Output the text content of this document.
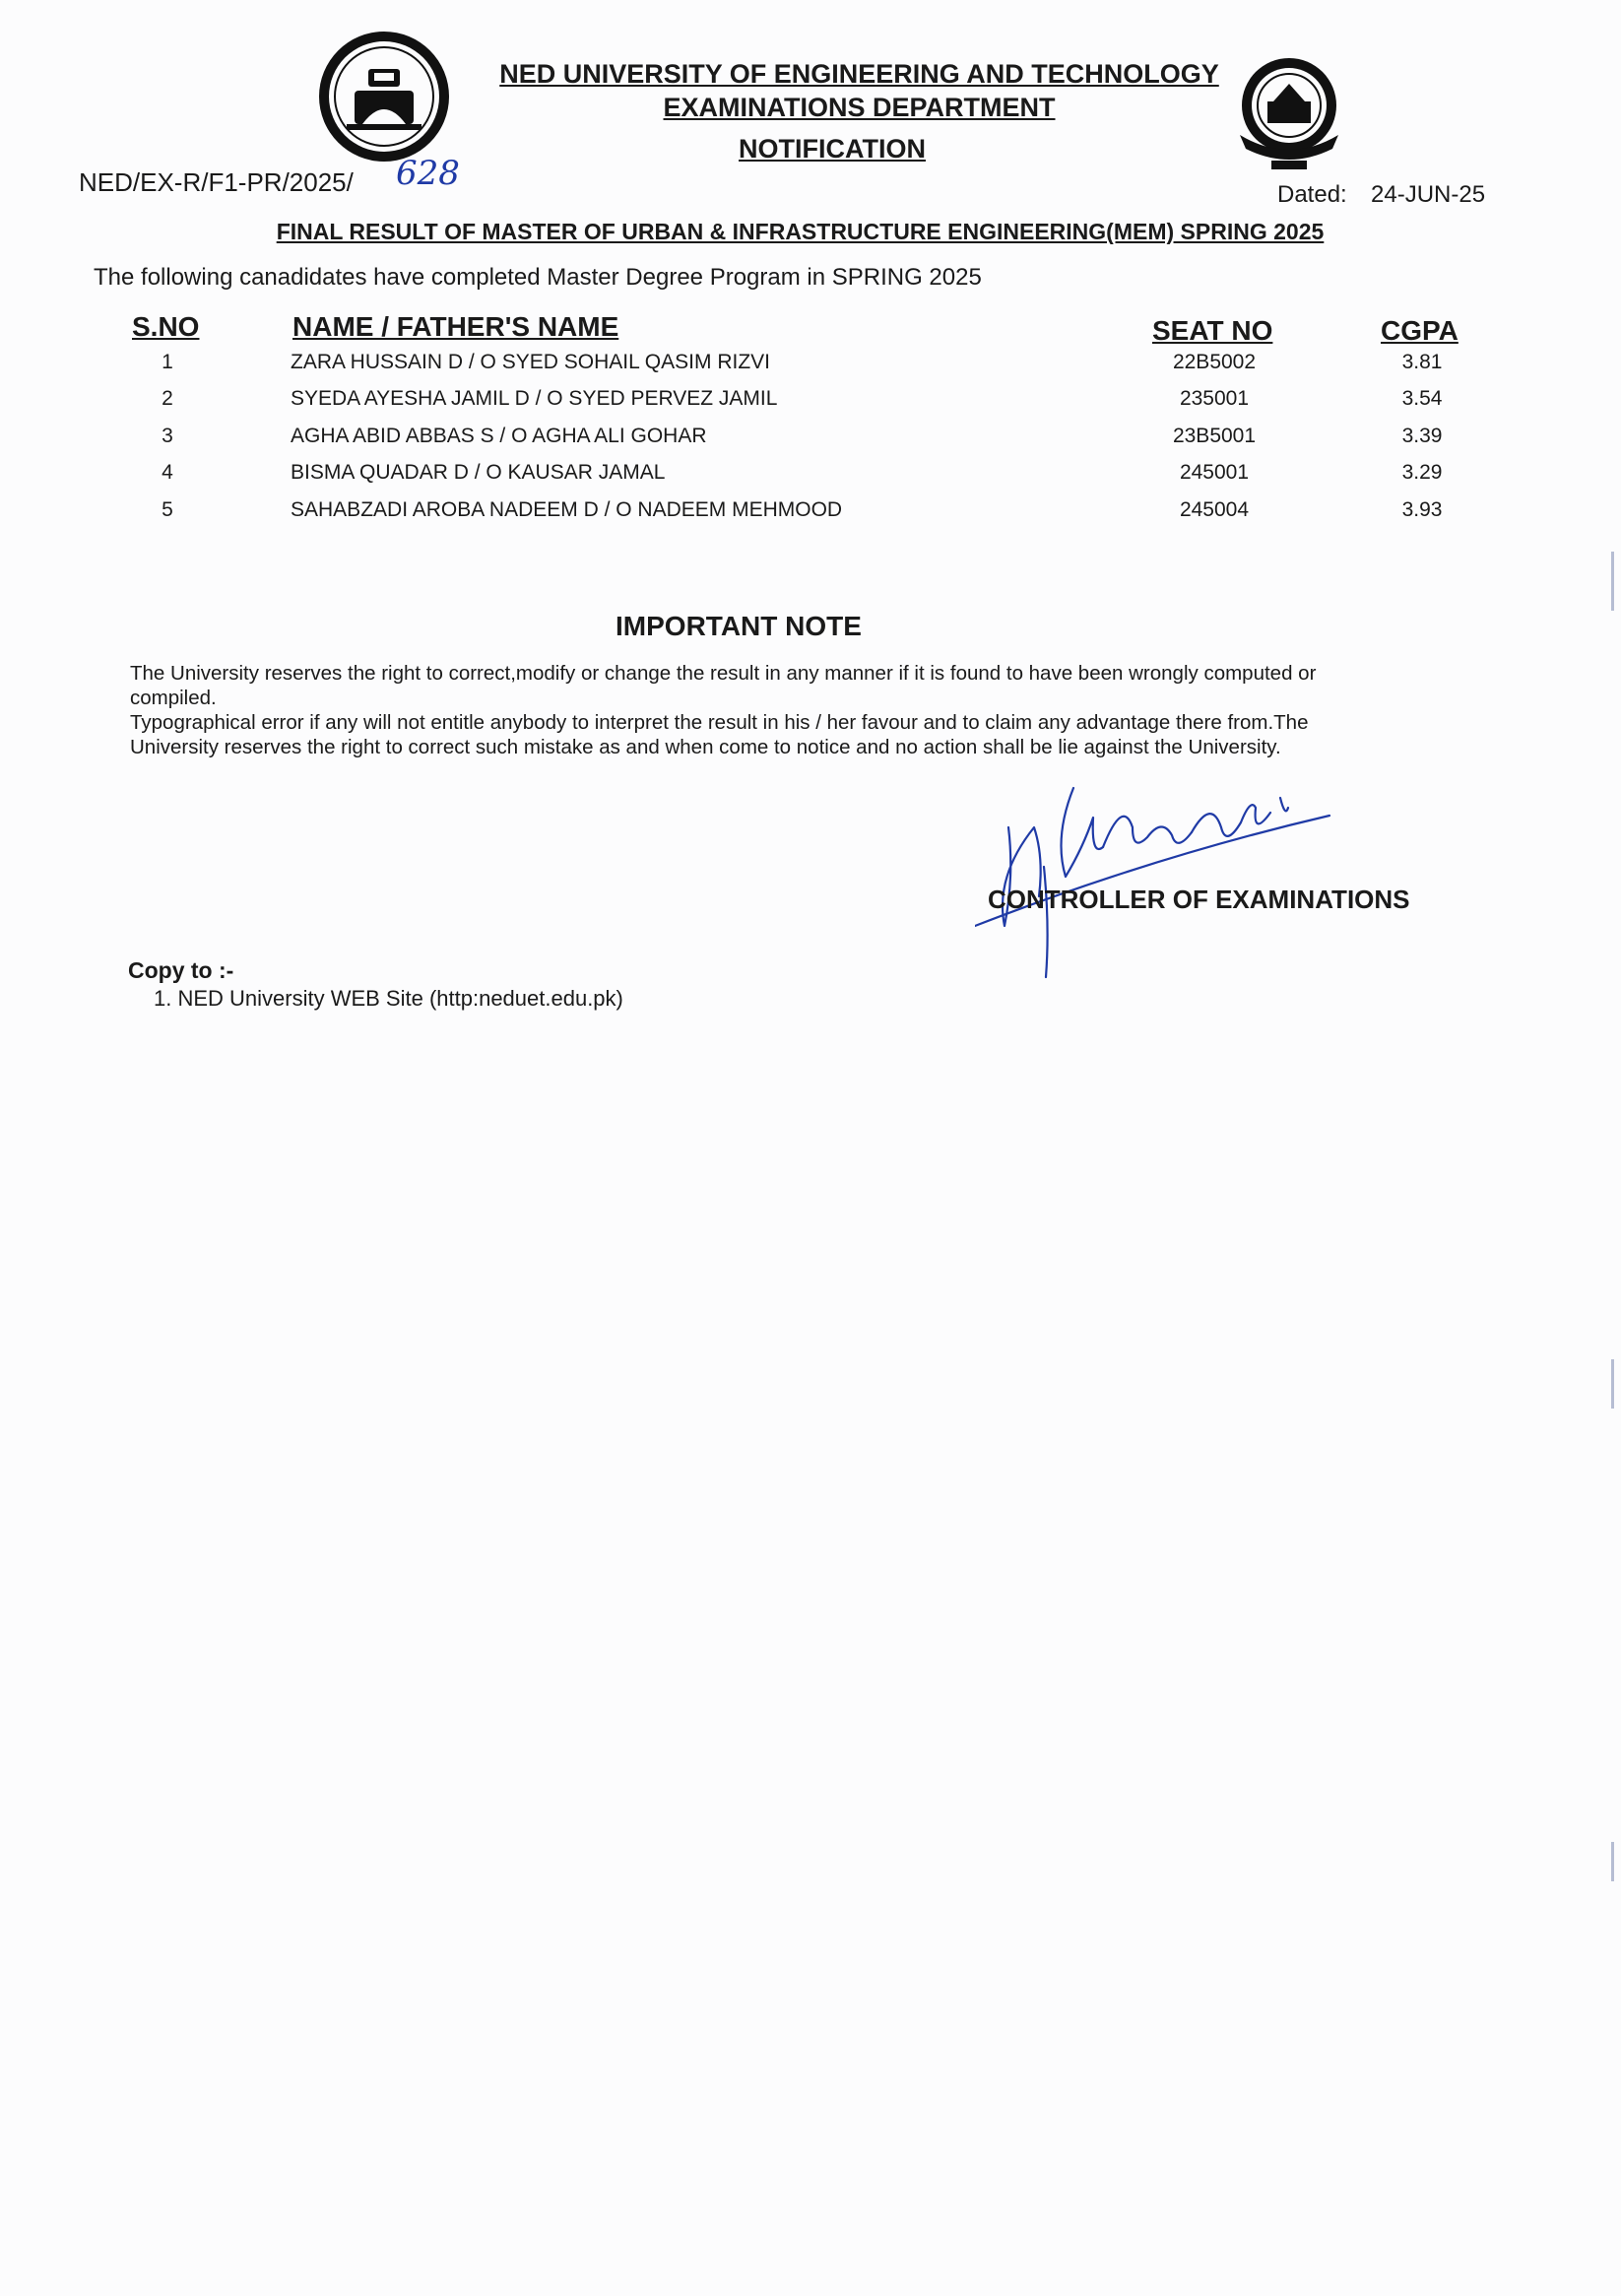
NED UNIVERSITY OF ENGINEERING AND TECHNOLOGY
EXAMINATIONS DEPARTMENT
NOTIFICATION
NED/EX-R/F1-PR/2025/ 628
Dated: 24-JUN-25
FINAL RESULT OF MASTER OF URBAN & INFRASTRUCTURE ENGINEERING(MEM) SPRING 2025
The following canadidates have completed Master Degree Program in SPRING 2025
S.NO	NAME / FATHER'S NAME	SEAT NO	CGPA
1	ZARA HUSSAIN D / O SYED SOHAIL QASIM RIZVI	22B5002	3.81
2	SYEDA AYESHA JAMIL D / O SYED PERVEZ JAMIL	235001	3.54
3	AGHA ABID ABBAS S / O AGHA ALI GOHAR	23B5001	3.39
4	BISMA QUADAR D / O KAUSAR JAMAL	245001	3.29
5	SAHABZADI AROBA NADEEM D / O NADEEM MEHMOOD	245004	3.93
IMPORTANT NOTE

The University reserves the right to correct,modify or change the result in any manner if it is found to have been wrongly computed or compiled.

Typographical error if any will not entitle anybody to interpret the result in his / her favour and to claim any advantage there from.The University reserves the right to correct such mistake as and when come to notice and no action shall be lie against the University.

CONTROLLER OF EXAMINATIONS
Copy to :-
1. NED University WEB Site (http:neduet.edu.pk)
